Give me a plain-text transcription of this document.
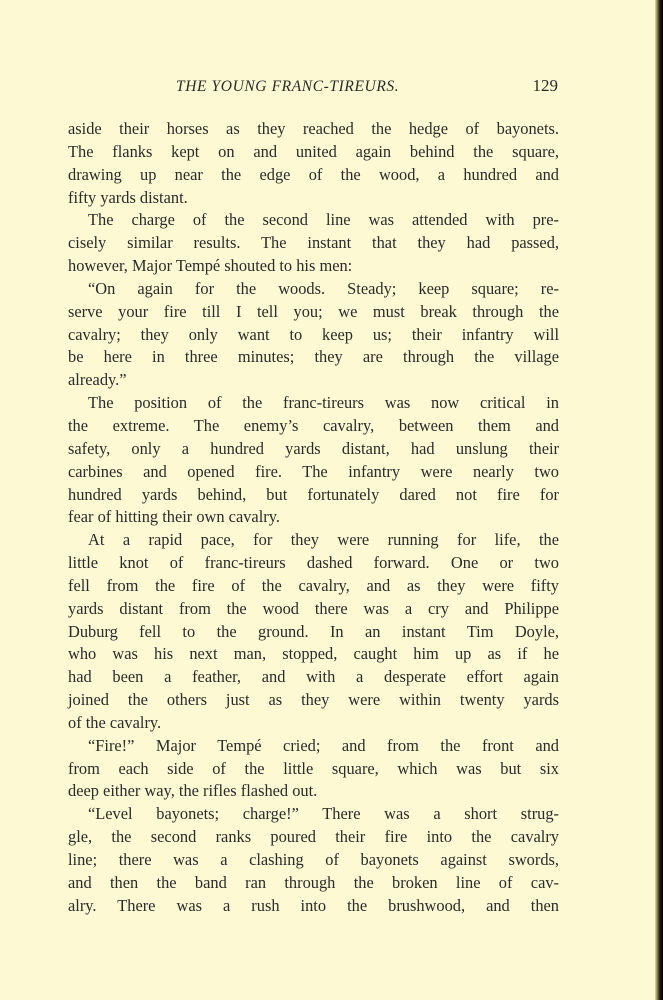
THE YOUNG FRANC-TIREURS.	129
aside their horses as they reached the hedge of bayonets.
The flanks kept on and united again behind the square,
drawing up near the edge of the wood, a hundred and
fifty yards distant.
The charge of the second line was attended with pre-
cisely similar results. The instant that they had passed,
however, Major Tempé shouted to his men:
“On again for the woods. Steady; keep square; re-
serve your fire till I tell you; we must break through the
cavalry; they only want to keep us; their infantry will
be here in three minutes; they are through the village
already.”
The position of the franc-tireurs was now critical in
the extreme. The enemy’s cavalry, between them and
safety, only a hundred yards distant, had unslung their
carbines and opened fire. The infantry were nearly two
hundred yards behind, but fortunately dared not fire for
fear of hitting their own cavalry.
At a rapid pace, for they were running for life, the
little knot of franc-tireurs dashed forward. One or two
fell from the fire of the cavalry, and as they were fifty
yards distant from the wood there was a cry and Philippe
Duburg fell to the ground. In an instant Tim Doyle,
who was his next man, stopped, caught him up as if he
had been a feather, and with a desperate effort again
joined the others just as they were within twenty yards
of the cavalry.
“Fire!” Major Tempé cried; and from the front and
from each side of the little square, which was but six
deep either way, the rifles flashed out.
“Level bayonets; charge!” There was a short strug-
gle, the second ranks poured their fire into the cavalry
line; there was a clashing of bayonets against swords,
and then the band ran through the broken line of cav-
alry. There was a rush into the brushwood, and then
